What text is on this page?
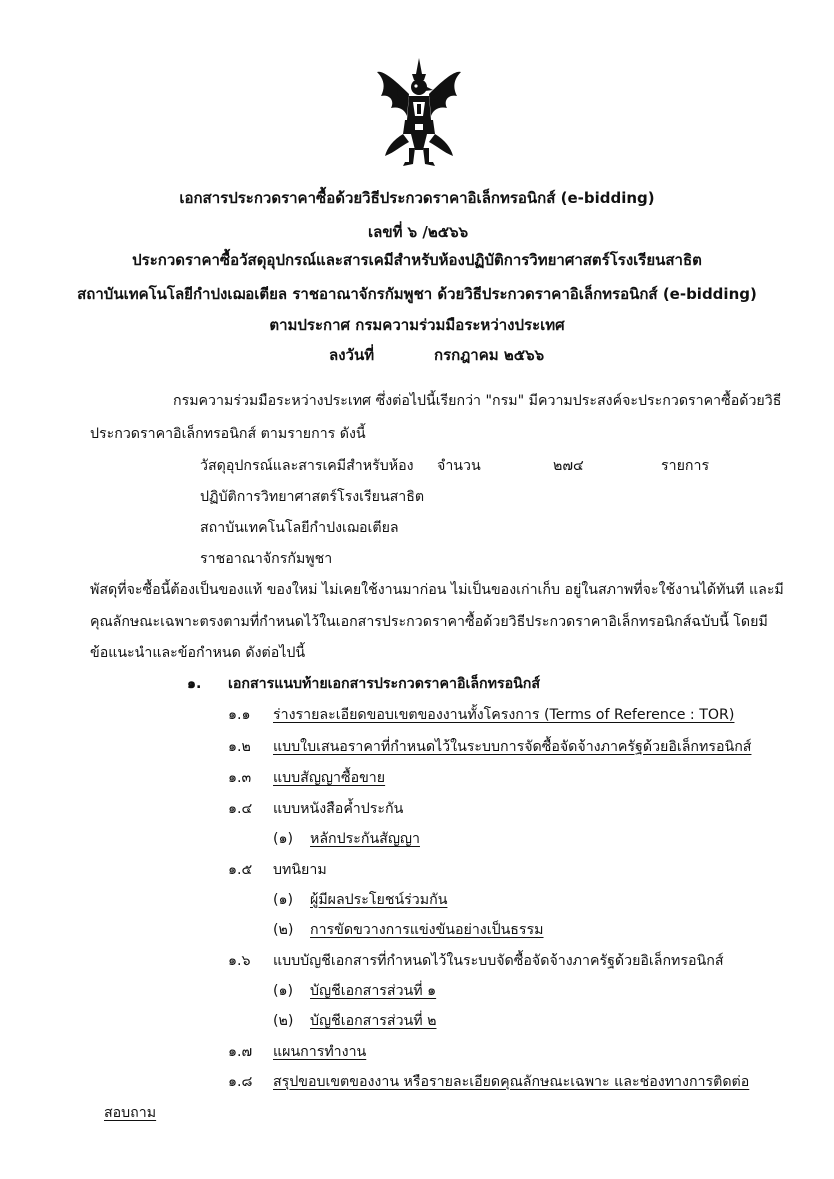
เอกสารประกวดราคาซื้อด้วยวิธีประกวดราคาอิเล็กทรอนิกส์ (e-bidding)
เลขที่ ๖ /๒๕๖๖
ประกวดราคาซื้อวัสดุอุปกรณ์และสารเคมีสำหรับห้องปฏิบัติการวิทยาศาสตร์โรงเรียนสาธิต
สถาบันเทคโนโลยีกำปงเฌอเตียล ราชอาณาจักรกัมพูชา ด้วยวิธีประกวดราคาอิเล็กทรอนิกส์ (e-bidding)
ตามประกาศ กรมความร่วมมือระหว่างประเทศ
ลงวันที่	กรกฎาคม ๒๕๖๖
กรมความร่วมมือระหว่างประเทศ ซึ่งต่อไปนี้เรียกว่า "กรม" มีความประสงค์จะประกวดราคาซื้อด้วยวิธี
ประกวดราคาอิเล็กทรอนิกส์ ตามรายการ ดังนี้
วัสดุอุปกรณ์และสารเคมีสำหรับห้อง จำนวน	๒๗๔	รายการ
ปฏิบัติการวิทยาศาสตร์โรงเรียนสาธิต
สถาบันเทคโนโลยีกำปงเฌอเตียล
ราชอาณาจักรกัมพูชา
พัสดุที่จะซื้อนี้ต้องเป็นของแท้ ของใหม่ ไม่เคยใช้งานมาก่อน ไม่เป็นของเก่าเก็บ อยู่ในสภาพที่จะใช้งานได้ทันที และมี
คุณลักษณะเฉพาะตรงตามที่กำหนดไว้ในเอกสารประกวดราคาซื้อด้วยวิธีประกวดราคาอิเล็กทรอนิกส์ฉบับนี้ โดยมี
ข้อแนะนำและข้อกำหนด ดังต่อไปนี้
๑. เอกสารแนบท้ายเอกสารประกวดราคาอิเล็กทรอนิกส์
๑.๑ ร่างรายละเอียดขอบเขตของงานทั้งโครงการ (Terms of Reference : TOR)
๑.๒ แบบใบเสนอราคาที่กำหนดไว้ในระบบการจัดซื้อจัดจ้างภาครัฐด้วยอิเล็กทรอนิกส์
๑.๓ แบบสัญญาซื้อขาย
๑.๔ แบบหนังสือค้ำประกัน
(๑) หลักประกันสัญญา
๑.๕ บทนิยาม
(๑) ผู้มีผลประโยชน์ร่วมกัน
(๒) การขัดขวางการแข่งขันอย่างเป็นธรรม
๑.๖ แบบบัญชีเอกสารที่กำหนดไว้ในระบบจัดซื้อจัดจ้างภาครัฐด้วยอิเล็กทรอนิกส์
(๑) บัญชีเอกสารส่วนที่ ๑
(๒) บัญชีเอกสารส่วนที่ ๒
๑.๗ แผนการทำงาน
๑.๘ สรุปขอบเขตของงาน หรือรายละเอียดคุณลักษณะเฉพาะ และช่องทางการติดต่อ
สอบถาม
